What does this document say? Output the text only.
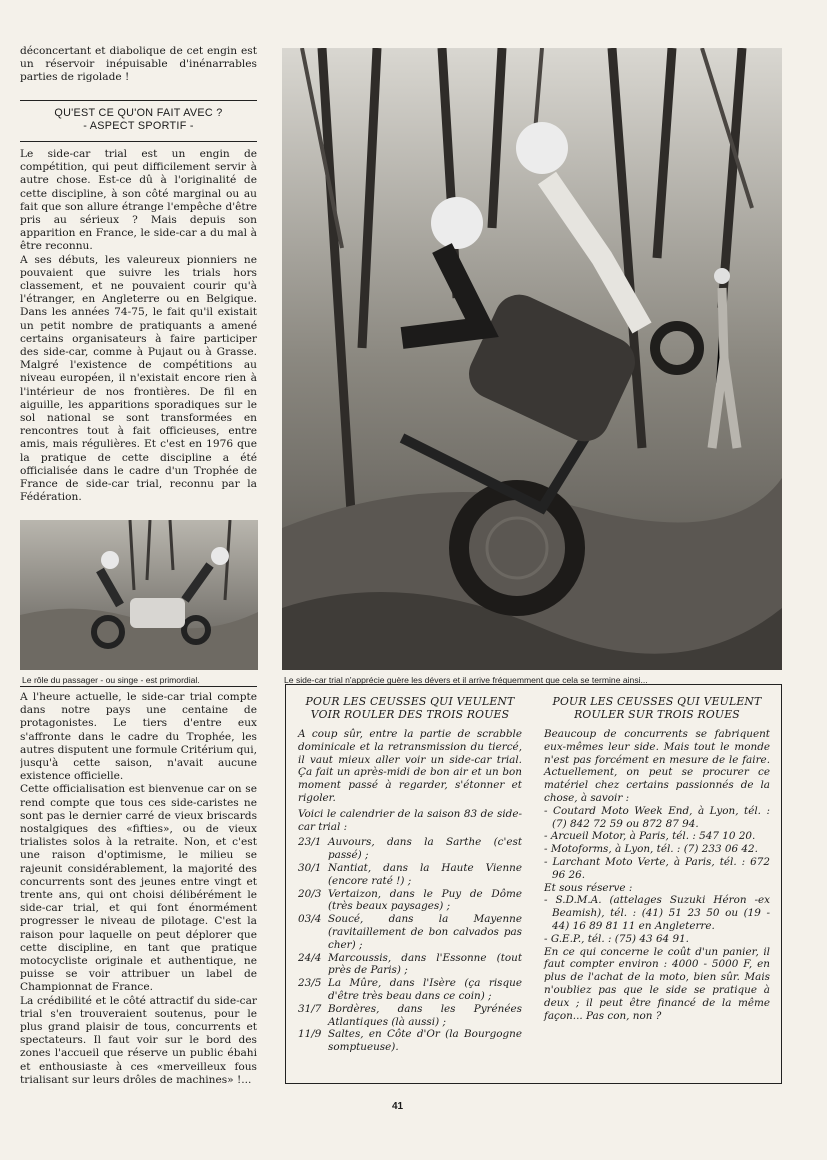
déconcertant et diabolique de cet engin est un réservoir inépuisable d'inénarrables parties de rigolade !

QU'EST CE QU'ON FAIT AVEC ?
- ASPECT SPORTIF -

Le side-car trial est un engin de compétition, qui peut difficilement servir à autre chose. Est-ce dû à l'originalité de cette discipline, à son côté marginal ou au fait que son allure étrange l'empêche d'être pris au sérieux ? Mais depuis son apparition en France, le side-car a du mal à être reconnu.

A ses débuts, les valeureux pionniers ne pouvaient que suivre les trials hors classement, et ne pouvaient courir qu'à l'étranger, en Angleterre ou en Belgique. Dans les années 74-75, le fait qu'il existait un petit nombre de pratiquants a amené certains organisateurs à faire participer des side-car, comme à Pujaut ou à Grasse. Malgré l'existence de compétitions au niveau européen, il n'existait encore rien à l'intérieur de nos frontières. De fil en aiguille, les apparitions sporadiques sur le sol national se sont transformées en rencontres tout à fait officieuses, entre amis, mais régulières. Et c'est en 1976 que la pratique de cette discipline a été officialisée dans le cadre d'un Trophée de France de side-car trial, reconnu par la Fédération.

Le rôle du passager - ou singe - est primordial.

A l'heure actuelle, le side-car trial compte dans notre pays une centaine de protagonistes. Le tiers d'entre eux s'affronte dans le cadre du Trophée, les autres disputent une formule Critérium qui, jusqu'à cette saison, n'avait aucune existence officielle.

Cette officialisation est bienvenue car on se rend compte que tous ces side-caristes ne sont pas le dernier carré de vieux briscards nostalgiques des «fifties», ou de vieux trialistes solos à la retraite. Non, et c'est une raison d'optimisme, le milieu se rajeunit considérablement, la majorité des concurrents sont des jeunes entre vingt et trente ans, qui ont choisi délibérément le side-car trial, et qui font énormément progresser le niveau de pilotage. C'est la raison pour laquelle on peut déplorer que cette discipline, en tant que pratique motocycliste originale et authentique, ne puisse se voir attribuer un label de Championnat de France.

La crédibilité et le côté attractif du side-car trial s'en trouveraient soutenus, pour le plus grand plaisir de tous, concurrents et spectateurs. Il faut voir sur le bord des zones l'accueil que réserve un public ébahi et enthousiaste à ces «merveilleux fous trialisant sur leurs drôles de machines» !...

Le side-car trial n'apprécie guère les dévers et il arrive fréquemment que cela se termine ainsi...
POUR LES CEUSSES QUI VEULENT
VOIR ROULER DES TROIS ROUES
A coup sûr, entre la partie de scrabble dominicale et la retransmission du tiercé, il vaut mieux aller voir un side-car trial. Ça fait un après-midi de bon air et un bon moment passé à regarder, s'étonner et rigoler.
Voici le calendrier de la saison 83 de side-car trial :
23/1 Auvours, dans la Sarthe (c'est passé) ;
30/1 Nantiat, dans la Haute Vienne (encore raté !) ;
20/3 Vertaizon, dans le Puy de Dôme (très beaux paysages) ;
03/4 Soucé, dans la Mayenne (ravitaillement de bon calvados pas cher) ;
24/4 Marcoussis, dans l'Essonne (tout près de Paris) ;
23/5 La Mûre, dans l'Isère (ça risque d'être très beau dans ce coin) ;
31/7 Bordères, dans les Pyrénées Atlantiques (là aussi) ;
11/9 Saltes, en Côte d'Or (la Bourgogne somptueuse).
POUR LES CEUSSES QUI VEULENT
ROULER SUR TROIS ROUES
Beaucoup de concurrents se fabriquent eux-mêmes leur side. Mais tout le monde n'est pas forcément en mesure de le faire. Actuellement, on peut se procurer ce matériel chez certains passionnés de la chose, à savoir :
- Coutard Moto Week End, à Lyon, tél. : (7) 842 72 59 ou 872 87 94.
- Arcueil Motor, à Paris, tél. : 547 10 20.
- Motoforms, à Lyon, tél. : (7) 233 06 42.
- Larchant Moto Verte, à Paris, tél. : 672 96 26.
Et sous réserve :
- S.D.M.A. (attelages Suzuki Héron -ex Beamish), tél. : (41) 51 23 50 ou (19 - 44) 16 89 81 11 en Angleterre.
- G.E.P., tél. : (75) 43 64 91.
En ce qui concerne le coût d'un panier, il faut compter environ : 4000 - 5000 F, en plus de l'achat de la moto, bien sûr. Mais n'oubliez pas que le side se pratique à deux ; il peut être financé de la même façon... Pas con, non ?
41
